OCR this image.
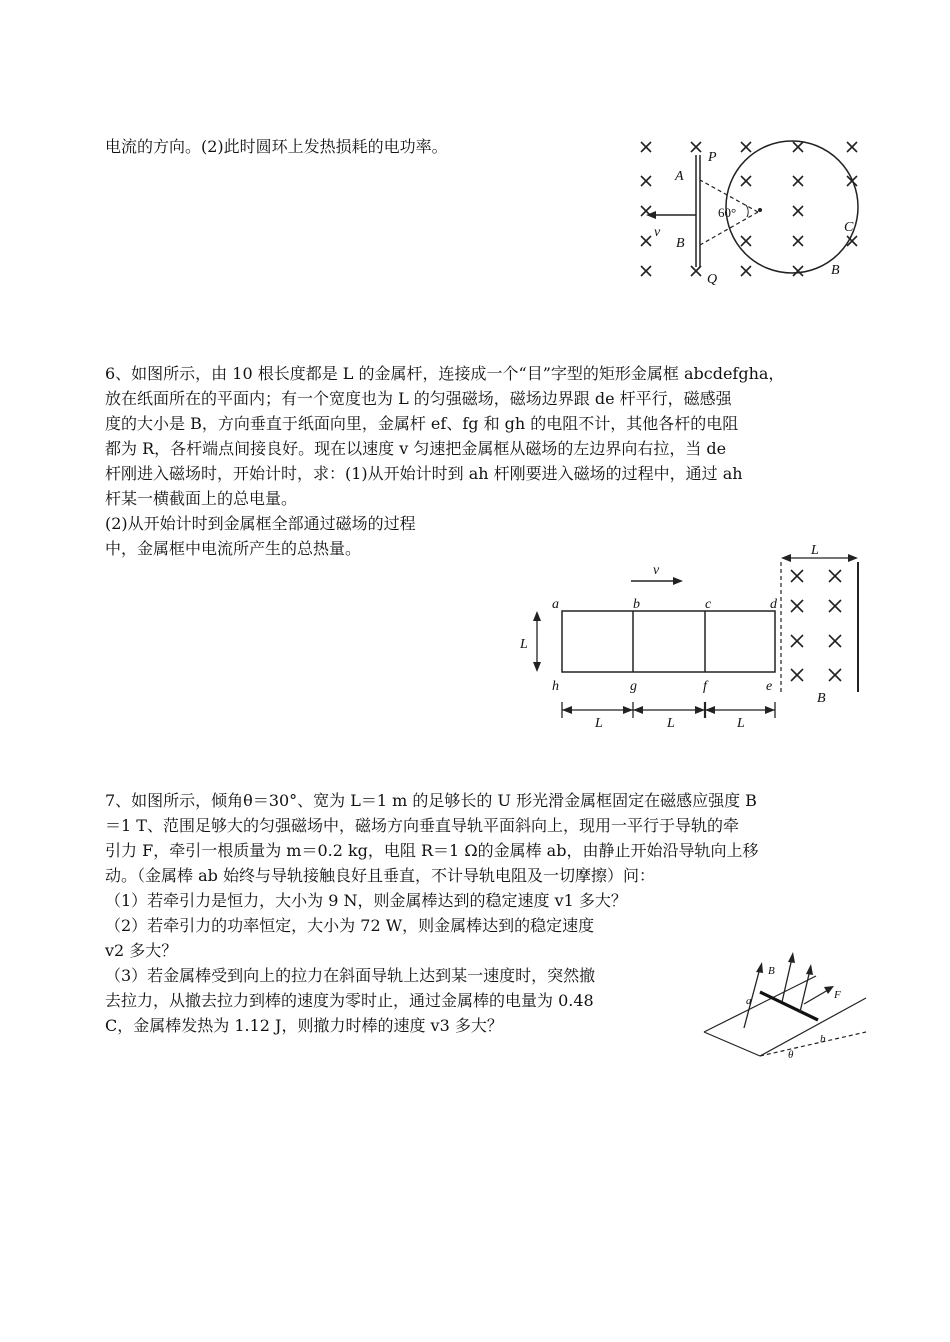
电流的方向。(2)此时圆环上发热损耗的电功率。

P
A
60°
v
B
C
Q
B
6、如图所示，由 10 根长度都是 L 的金属杆，连接成一个“目”字型的矩形金属框 abcdefgha，
放在纸面所在的平面内；有一个宽度也为 L 的匀强磁场，磁场边界跟 de 杆平行，磁感强
度的大小是 B，方向垂直于纸面向里，金属杆 ef、fg 和 gh 的电阻不计，其他各杆的电阻
都为 R，各杆端点间接良好。现在以速度 v 匀速把金属框从磁场的左边界向右拉，当 de
杆刚进入磁场时，开始计时，求：(1)从开始计时到 ah 杆刚要进入磁场的过程中，通过 ah
杆某一横截面上的总电量。
(2)从开始计时到金属框全部通过磁场的过程
中，金属框中电流所产生的总热量。
v
a	b	c	d
h	g	f	e
L
L
B
L	L	L
7、如图所示，倾角θ＝30°、宽为 L＝1 m 的足够长的 U 形光滑金属框固定在磁感应强度 B
＝1 T、范围足够大的匀强磁场中，磁场方向垂直导轨平面斜向上，现用一平行于导轨的牵
引力 F，牵引一根质量为 m＝0.2 kg，电阻 R＝1 Ω的金属棒 ab，由静止开始沿导轨向上移
动。（金属棒 ab 始终与导轨接触良好且垂直，不计导轨电阻及一切摩擦）问：
（1）若牵引力是恒力，大小为 9 N，则金属棒达到的稳定速度 v1 多大？
（2）若牵引力的功率恒定，大小为 72 W，则金属棒达到的稳定速度
v2 多大？
（3）若金属棒受到向上的拉力在斜面导轨上达到某一速度时，突然撤
去拉力，从撤去拉力到棒的速度为零时止，通过金属棒的电量为 0.48
C，金属棒发热为 1.12 J，则撤力时棒的速度 v3 多大？
B
a	F
b
θ
